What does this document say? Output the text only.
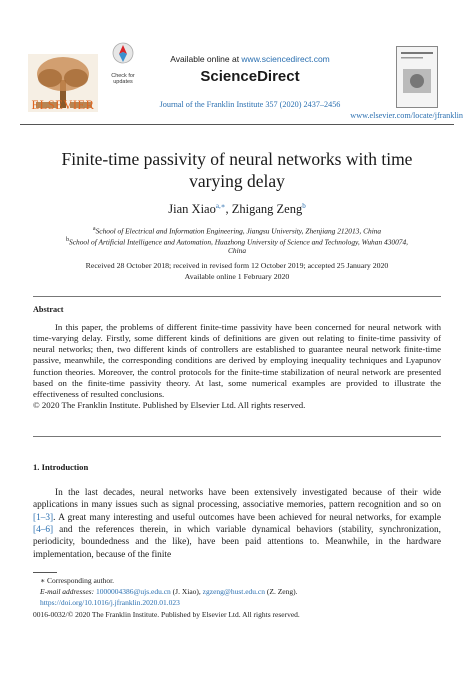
ELSEVIER
Check for updates
Available online at www.sciencedirect.com
ScienceDirect
Journal of the Franklin Institute 357 (2020) 2437–2456
www.elsevier.com/locate/jfranklin
Finite-time passivity of neural networks with time
varying delay
Jian Xiao$^{a,∗}$, Zhigang Zeng$^b$
$^a$School of Electrical and Information Engineering, Jiangsu University, Zhenjiang 212013, China
$^b$School of Artificial Intelligence and Automation, Huazhong University of Science and Technology, Wuhan 430074,
China
Received 28 October 2018; received in revised form 12 October 2019; accepted 25 January 2020
Available online 1 February 2020
Abstract
In this paper, the problems of different finite-time passivity have been concerned for neural network with time-varying delay. Firstly, some different kinds of definitions are given out relating to finite-time passivity of neural networks; then, two different kinds of controllers are established to guarantee neural network finite-time passive, meanwhile, the corresponding conditions are derived by employing inequality techniques and Lyapunov function theories. Moreover, the control protocols for the finite-time stabilization of neural network are presented based on the finite-time passivity theory. At last, some numerical examples are provided to illustrate the effectiveness of resulted conclusions.
© 2020 The Franklin Institute. Published by Elsevier Ltd. All rights reserved.
1. Introduction
In the last decades, neural networks have been extensively investigated because of their wide applications in many issues such as signal processing, associative memories, pattern recognition and so on [1–3]. A great many interesting and useful outcomes have been achieved for neural networks, for example [4–6] and the references therein, in which variable dynamical behaviors (stability, synchronization, periodicity, boundedness and the like), have been paid attentions to. Meanwhile, in the hardware implementation, because of the finite
∗ Corresponding author.
E-mail addresses: 1000004386@ujs.edu.cn (J. Xiao), zgzeng@hust.edu.cn (Z. Zeng).
https://doi.org/10.1016/j.jfranklin.2020.01.023
0016-0032/© 2020 The Franklin Institute. Published by Elsevier Ltd. All rights reserved.
